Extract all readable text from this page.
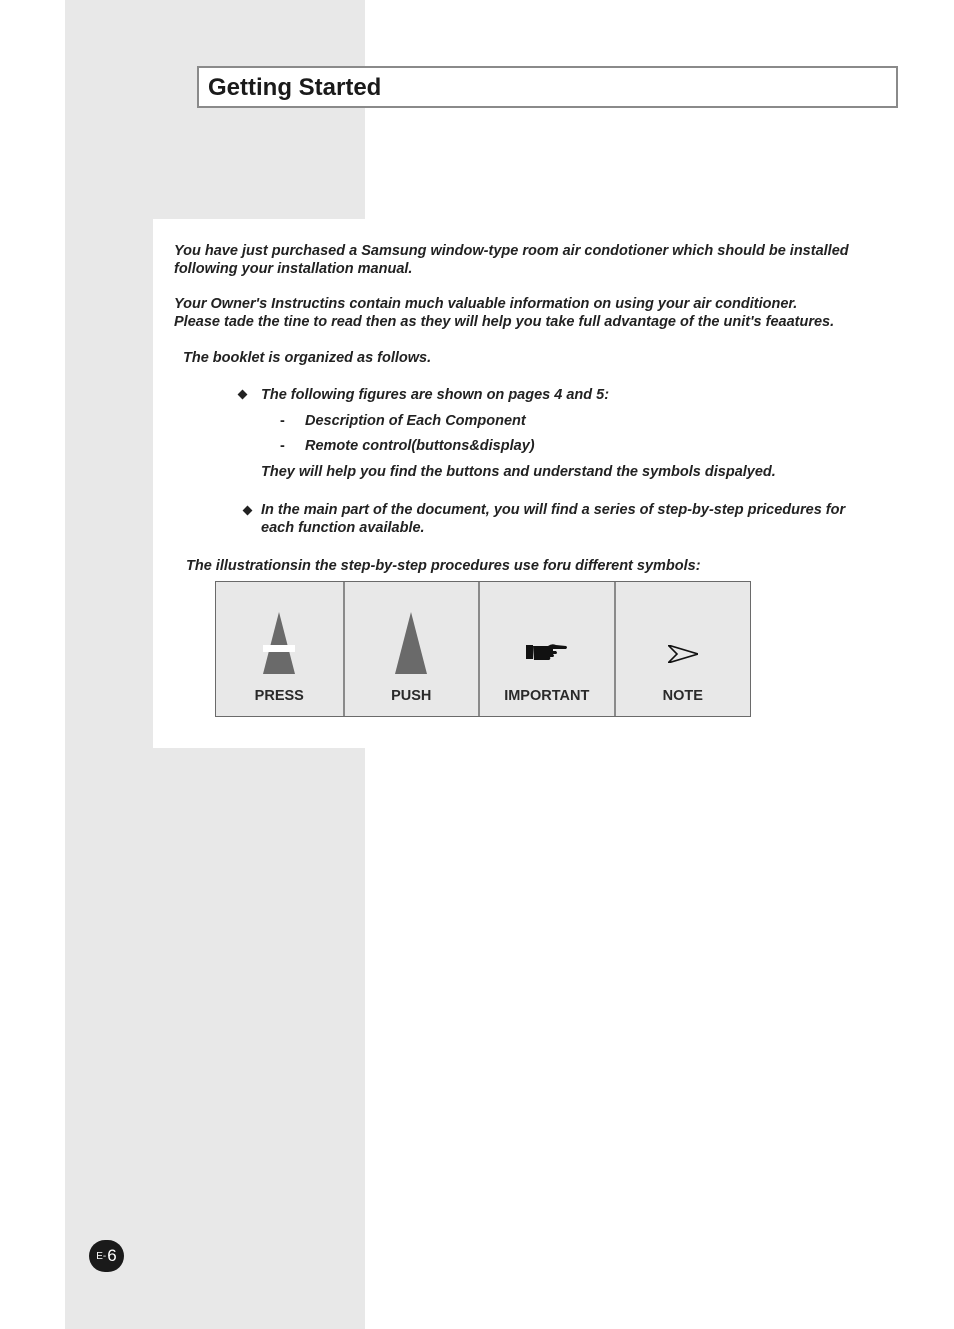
Getting Started

You have just purchased a Samsung window-type room air condotioner which should be installed

following your installation manual.

Your Owner's Instructins contain much valuable information on using your air conditioner.

Please tade the tine to read then as they will help you take full advantage of the unit's feaatures.

The booklet is organized as follows.

The following figures are shown on pages 4 and 5:

- Description of Each Component

- Remote control(buttons&display)

They will help you find the buttons and understand the symbols dispalyed.

In the main part of the document, you will find a series of step-by-step pricedures for

each function available.

The illustrationsin the step-by-step procedures use foru different symbols:

PRESS	PUSH	IMPORTANT	NOTE
E- 6
